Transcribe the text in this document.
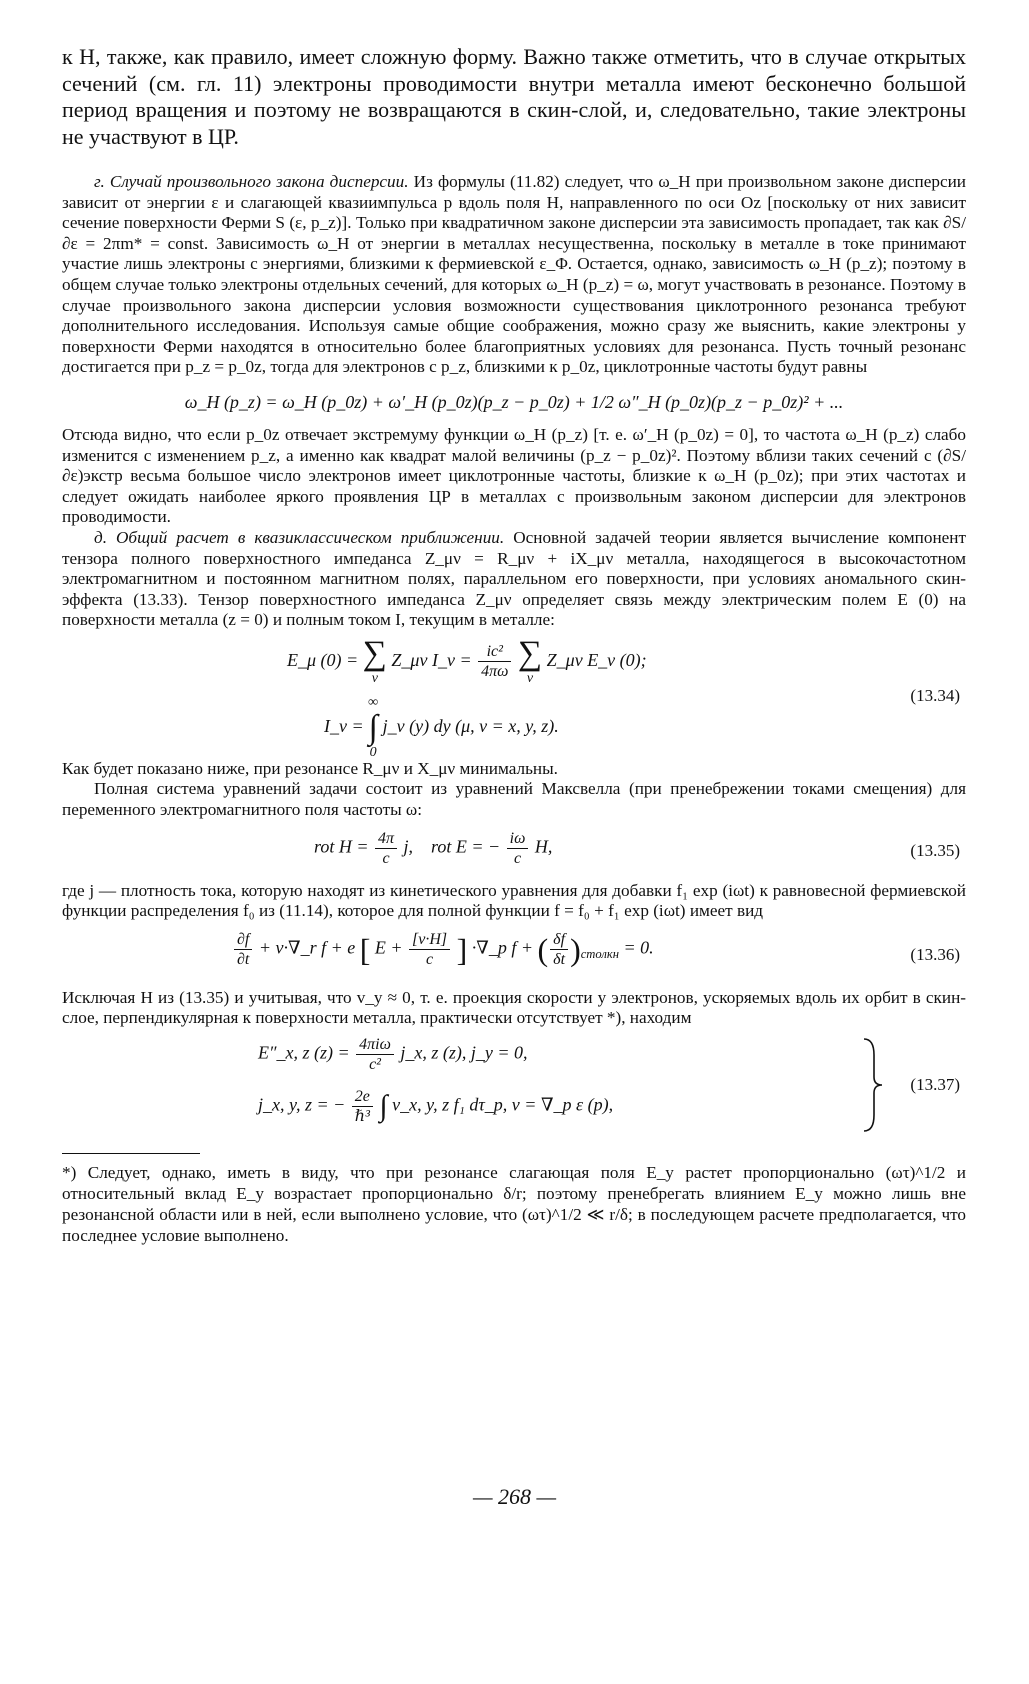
к H, также, как правило, имеет сложную форму. Важно также отметить, что в случае открытых сечений (см. гл. 11) электроны проводимости внутри металла имеют бесконечно большой период вращения и поэтому не возвращаются в скин-слой, и, следовательно, такие электроны не участвуют в ЦР.

г. Случай произвольного закона дисперсии. Из формулы (11.82) следует, что ω_H при произвольном законе дисперсии зависит от энергии ε и слагающей квазиимпульса p вдоль поля H, направленного по оси Oz [поскольку от них зависит сечение поверхности Ферми S (ε, p_z)]. Только при квадратичном законе дисперсии эта зависимость пропадает, так как ∂S/∂ε = 2πm* = const. Зависимость ω_H от энергии в металлах несущественна, поскольку в металле в токе принимают участие лишь электроны с энергиями, близкими к фермиевской ε_Φ. Остается, однако, зависимость ω_H (p_z); поэтому в общем случае только электроны отдельных сечений, для которых ω_H (p_z) = ω, могут участвовать в резонансе. Поэтому в случае произвольного закона дисперсии условия возможности существования циклотронного резонанса требуют дополнительного исследования. Используя самые общие соображения, можно сразу же выяснить, какие электроны у поверхности Ферми находятся в относительно более благоприятных условиях для резонанса. Пусть точный резонанс достигается при p_z = p_0z, тогда для электронов с p_z, близкими к p_0z, циклотронные частоты будут равны

ω_H (p_z) = ω_H (p_0z) + ω′_H (p_0z)(p_z − p_0z) + 1/2 ω″_H (p_0z)(p_z − p_0z)² + ...

Отсюда видно, что если p_0z отвечает экстремуму функции ω_H (p_z) [т. е. ω′_H (p_0z) = 0], то частота ω_H (p_z) слабо изменится с изменением p_z, а именно как квадрат малой величины (p_z − p_0z)². Поэтому вблизи таких сечений с (∂S/∂ε)экстр весьма большое число электронов имеет циклотронные частоты, близкие к ω_H (p_0z); при этих частотах и следует ожидать наиболее яркого проявления ЦР в металлах с произвольным законом дисперсии для электронов проводимости.

д. Общий расчет в квазиклассическом приближении. Основной задачей теории является вычисление компонент тензора полного поверхностного импеданса Z_μν = R_μν + iX_μν металла, находящегося в высокочастотном электромагнитном и постоянном магнитном полях, параллельном его поверхности, при условиях аномального скин-эффекта (13.33). Тензор поверхностного импеданса Z_μν определяет связь между электрическим полем E (0) на поверхности металла (z = 0) и полным током I, текущим в металле:

E_μ (0) = ∑
ν
Z_μν I_ν = $\frac{\text{ic²}}{4\pi\omega}$
∑
ν
Z_μν E_ν (0);
I_ν =
∞
∫
0
j_ν (y) dy (μ, ν = x, y, z).
(13.34)

Как будет показано ниже, при резонансе R_μν и X_μν минимальны.

Полная система уравнений задачи состоит из уравнений Максвелла (при пренебрежении токами смещения) для переменного электромагнитного поля частоты ω:

rot $H = \frac{4\pi}{c} j$, rot E = − $\frac{i\omega}{c} H$,	(13.35)

где j — плотность тока, которую находят из кинетического уравнения для добавки f₁ exp (iωt) к равновесной фермиевской функции распределения f₀ из (11.14), которое для полной функции f = f₀ + f₁ exp (iωt) имеет вид

$\frac{\partial f}{\partial t}$ + v·∇_r f + e [ $E + \frac{[v\cdot H]}{c}$ ] ·∇_p f + ( $\frac{\delta f}{\delta t} )_{столкн} = 0$.	(13.36)

Исключая H из (13.35) и учитывая, что v_y ≈ 0, т. е. проекция скорости у электронов, ускоряемых вдоль их орбит в скин-слое, перпендикулярная к поверхности металла, практически отсутствует *), находим

E″_x, z $(z) = \frac{\text{4πiω}}{\text{c²}}$ j_x, z (z), j_y = 0,
j_x, y, z = − $\frac{2e}{\text{ℏ³}}$ ∫ v_x, y, z f₁ dτ_p, v = ∇_p ε (p),
(13.37)

*) Следует, однако, иметь в виду, что при резонансе слагающая поля E_y растет пропорционально (ωτ)^1/2 и относительный вклад E_y возрастает пропорционально δ/r; поэтому пренебрегать влиянием E_y можно лишь вне резонансной области или в ней, если выполнено условие, что (ωτ)^1/2 ≪ r/δ; в последующем расчете предполагается, что последнее условие выполнено.

— 268 —
